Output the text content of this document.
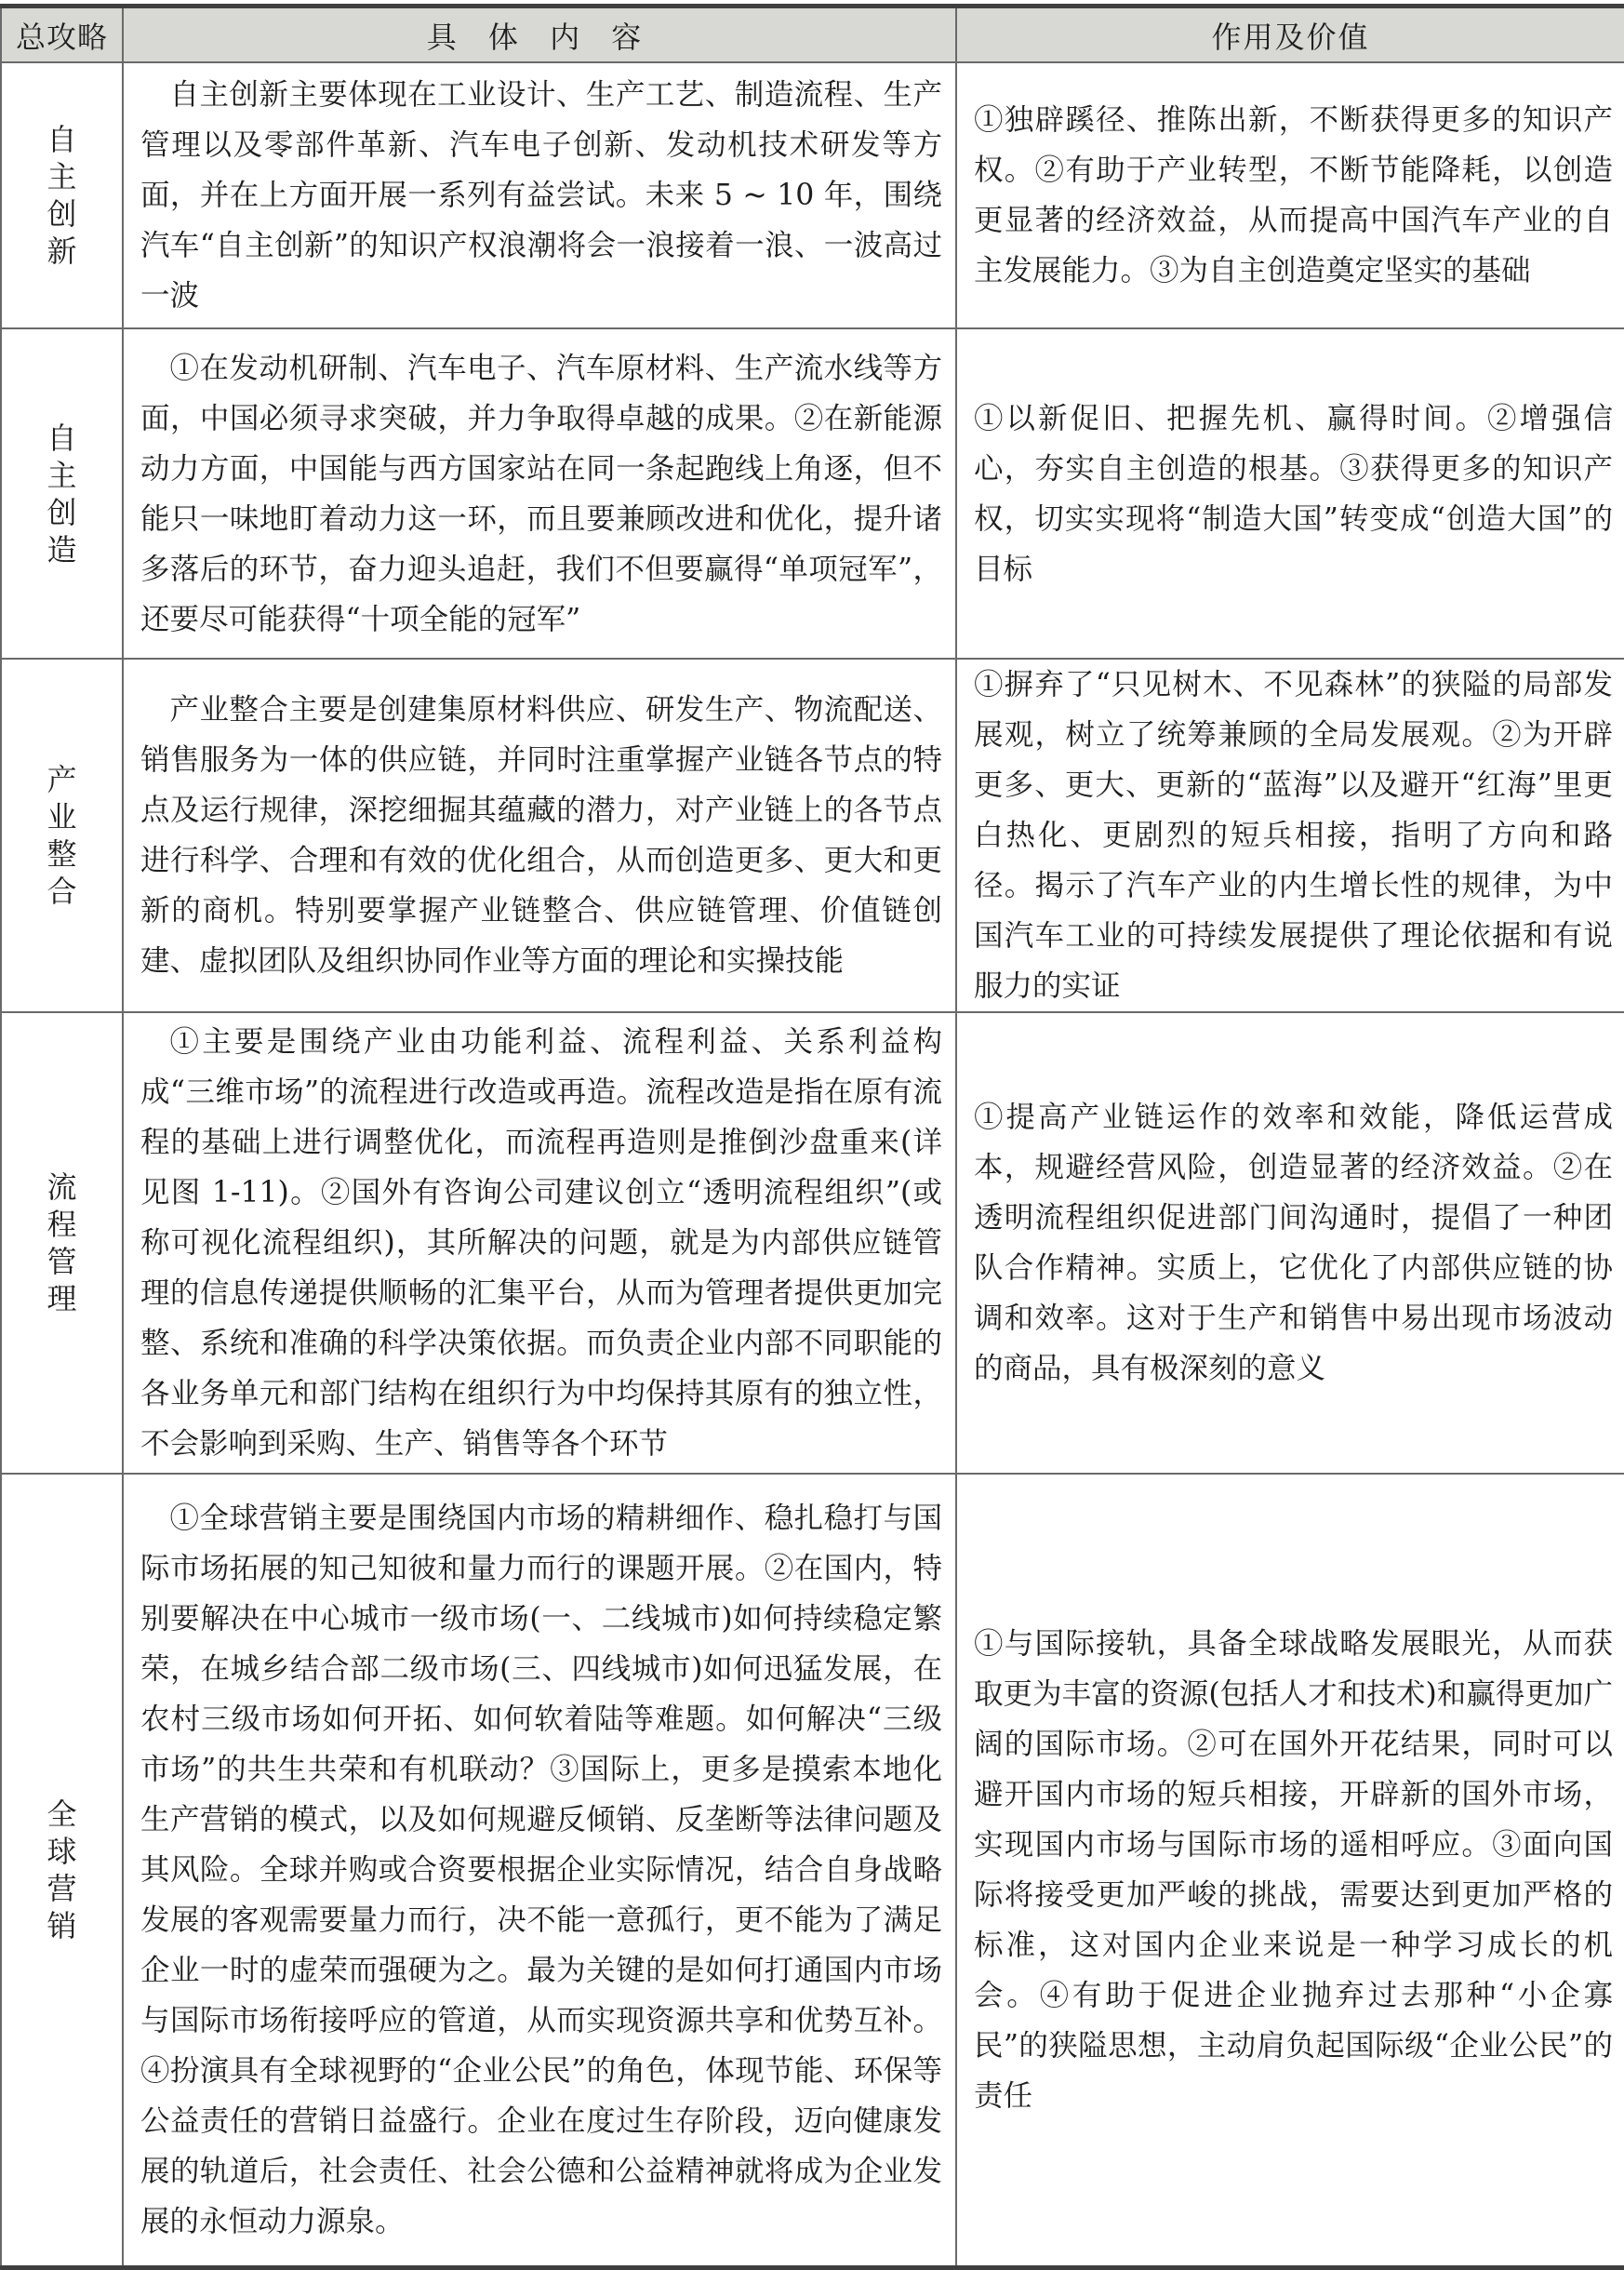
总攻略	具 体 内 容	作用及价值
自主创新	自主创新主要体现在工业设计、生产工艺、制造流程、生产管理以及零部件革新、汽车电子创新、发动机技术研发等方面，并在上方面开展一系列有益尝试。未来 5 ~ 10 年，围绕汽车“自主创新”的知识产权浪潮将会一浪接着一浪、一波高过一波	①独辟蹊径、推陈出新，不断获得更多的知识产权。②有助于产业转型，不断节能降耗，以创造更显著的经济效益，从而提高中国汽车产业的自主发展能力。③为自主创造奠定坚实的基础

自主创造	①在发动机研制、汽车电子、汽车原材料、生产流水线等方面，中国必须寻求突破，并力争取得卓越的成果。②在新能源动力方面，中国能与西方国家站在同一条起跑线上角逐，但不能只一味地盯着动力这一环，而且要兼顾改进和优化，提升诸多落后的环节，奋力迎头追赶，我们不但要赢得“单项冠军”，还要尽可能获得“十项全能的冠军”	①以新促旧、把握先机、赢得时间。②增强信心，夯实自主创造的根基。③获得更多的知识产权，切实实现将“制造大国”转变成“创造大国”的目标

产业整合	产业整合主要是创建集原材料供应、研发生产、物流配送、销售服务为一体的供应链，并同时注重掌握产业链各节点的特点及运行规律，深挖细掘其蕴藏的潜力，对产业链上的各节点进行科学、合理和有效的优化组合，从而创造更多、更大和更新的商机。特别要掌握产业链整合、供应链管理、价值链创建、虚拟团队及组织协同作业等方面的理论和实操技能	①摒弃了“只见树木、不见森林”的狭隘的局部发展观，树立了统筹兼顾的全局发展观。②为开辟更多、更大、更新的“蓝海”以及避开“红海”里更白热化、更剧烈的短兵相接，指明了方向和路径。揭示了汽车产业的内生增长性的规律，为中国汽车工业的可持续发展提供了理论依据和有说服力的实证

流程管理	①主要是围绕产业由功能利益、流程利益、关系利益构成“三维市场”的流程进行改造或再造。流程改造是指在原有流程的基础上进行调整优化，而流程再造则是推倒沙盘重来(详见图 1-11)。②国外有咨询公司建议创立“透明流程组织”(或称可视化流程组织)，其所解决的问题，就是为内部供应链管理的信息传递提供顺畅的汇集平台，从而为管理者提供更加完整、系统和准确的科学决策依据。而负责企业内部不同职能的各业务单元和部门结构在组织行为中均保持其原有的独立性，不会影响到采购、生产、销售等各个环节	①提高产业链运作的效率和效能，降低运营成本，规避经营风险，创造显著的经济效益。②在透明流程组织促进部门间沟通时，提倡了一种团队合作精神。实质上，它优化了内部供应链的协调和效率。这对于生产和销售中易出现市场波动的商品，具有极深刻的意义

全球营销	①全球营销主要是围绕国内市场的精耕细作、稳扎稳打与国际市场拓展的知己知彼和量力而行的课题开展。②在国内，特别要解决在中心城市一级市场(一、二线城市)如何持续稳定繁荣，在城乡结合部二级市场(三、四线城市)如何迅猛发展，在农村三级市场如何开拓、如何软着陆等难题。如何解决“三级市场”的共生共荣和有机联动？③国际上，更多是摸索本地化生产营销的模式，以及如何规避反倾销、反垄断等法律问题及其风险。全球并购或合资要根据企业实际情况，结合自身战略发展的客观需要量力而行，决不能一意孤行，更不能为了满足企业一时的虚荣而强硬为之。最为关键的是如何打通国内市场与国际市场衔接呼应的管道，从而实现资源共享和优势互补。④扮演具有全球视野的“企业公民”的角色，体现节能、环保等公益责任的营销日益盛行。企业在度过生存阶段，迈向健康发展的轨道后，社会责任、社会公德和公益精神就将成为企业发展的永恒动力源泉。	①与国际接轨，具备全球战略发展眼光，从而获取更为丰富的资源(包括人才和技术)和赢得更加广阔的国际市场。②可在国外开花结果，同时可以避开国内市场的短兵相接，开辟新的国外市场，实现国内市场与国际市场的遥相呼应。③面向国际将接受更加严峻的挑战，需要达到更加严格的标准，这对国内企业来说是一种学习成长的机会。④有助于促进企业抛弃过去那种“小企寡民”的狭隘思想，主动肩负起国际级“企业公民”的责任
